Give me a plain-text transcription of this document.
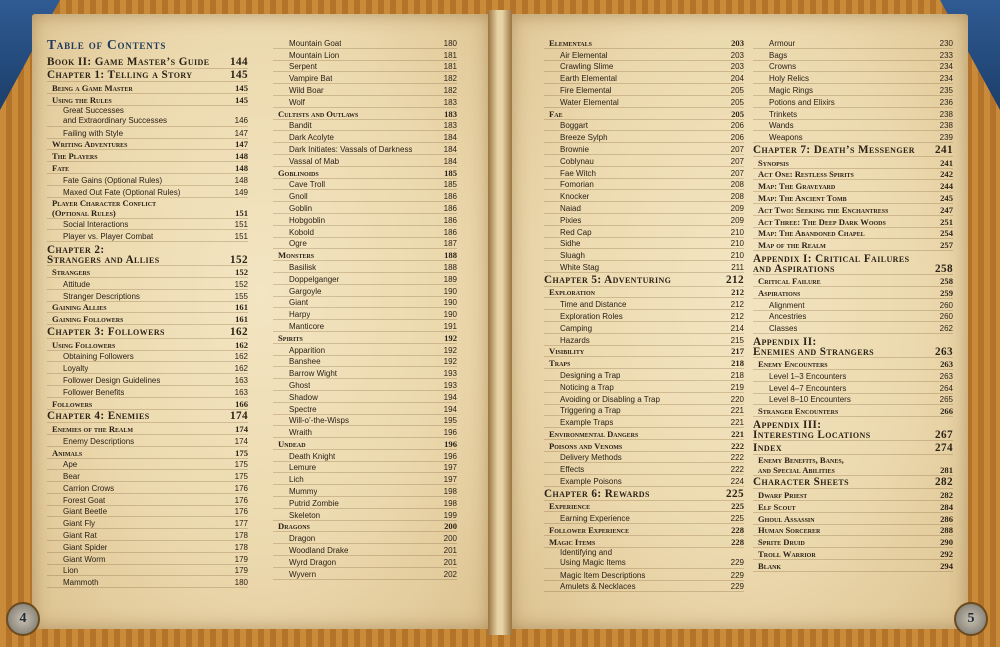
Table of Contents
Book II: Game Master’s Guide	144
Chapter 1: Telling a Story	145
Being a Game Master	145
Using the Rules	145
Great Successes
and Extraordinary Successes	146
Failing with Style	147
Writing Adventures	147
The Players	148
Fate	148
Fate Gains (Optional Rules)	148
Maxed Out Fate (Optional Rules)	149
Player Character Conflict
(Optional Rules)	151
Social Interactions	151
Player vs. Player Combat	151
Chapter 2:
Strangers and Allies	152
Strangers	152
Attitude	152
Stranger Descriptions	155
Gaining Allies	161
Gaining Followers	161
Chapter 3: Followers	162
Using Followers	162
Obtaining Followers	162
Loyalty	162
Follower Design Guidelines	163
Follower Benefits	163
Followers	166
Chapter 4: Enemies	174
Enemies of the Realm	174
Enemy Descriptions	174
Animals	175
Ape	175
Bear	175
Carrion Crows	176
Forest Goat	176
Giant Beetle	176
Giant Fly	177
Giant Rat	178
Giant Spider	178
Giant Worm	179
Lion	179
Mammoth	180
Mountain Goat	180
Mountain Lion	181
Serpent	181
Vampire Bat	182
Wild Boar	182
Wolf	183
Cultists and Outlaws	183
Bandit	183
Dark Acolyte	184
Dark Initiates: Vassals of Darkness	184
Vassal of Mab	184
Goblinoids	185
Cave Troll	185
Gnoll	186
Goblin	186
Hobgoblin	186
Kobold	186
Ogre	187
Monsters	188
Basilisk	188
Doppelganger	189
Gargoyle	190
Giant	190
Harpy	190
Manticore	191
Spirits	192
Apparition	192
Banshee	192
Barrow Wight	193
Ghost	193
Shadow	194
Spectre	194
Will-o’-the-Wisps	195
Wraith	196
Undead	196
Death Knight	196
Lemure	197
Lich	197
Mummy	198
Putrid Zombie	198
Skeleton	199
Dragons	200
Dragon	200
Woodland Drake	201
Wyrd Dragon	201
Wyvern	202
Elementals	203
Air Elemental	203
Crawling Slime	203
Earth Elemental	204
Fire Elemental	205
Water Elemental	205
Fae	205
Boggart	206
Breeze Sylph	206
Brownie	207
Coblynau	207
Fae Witch	207
Fomorian	208
Knocker	208
Naiad	209
Pixies	209
Red Cap	210
Sidhe	210
Sluagh	210
White Stag	211
Chapter 5: Adventuring	212
Exploration	212
Time and Distance	212
Exploration Roles	212
Camping	214
Hazards	215
Visibility	217
Traps	218
Designing a Trap	218
Noticing a Trap	219
Avoiding or Disabling a Trap	220
Triggering a Trap	221
Example Traps	221
Environmental Dangers	221
Poisons and Venoms	222
Delivery Methods	222
Effects	222
Example Poisons	224
Chapter 6: Rewards	225
Experience	225
Earning Experience	225
Follower Experience	228
Magic Items	228
Identifying and
Using Magic Items	229
Magic Item Descriptions	229
Amulets & Necklaces	229
Armour	230
Bags	233
Crowns	234
Holy Relics	234
Magic Rings	235
Potions and Elixirs	236
Trinkets	238
Wands	238
Weapons	239
Chapter 7: Death’s Messenger	241
Synopsis	241
Act One: Restless Spirits	242
Map: The Graveyard	244
Map: The Ancient Tomb	245
Act Two: Seeking the Enchantress	247
Act Three: The Deep Dark Woods	251
Map: The Abandoned Chapel	254
Map of the Realm	257
Appendix I: Critical Failures
and Aspirations	258
Critical Failure	258
Aspirations	259
Alignment	260
Ancestries	260
Classes	262
Appendix II:
Enemies and Strangers	263
Enemy Encounters	263
Level 1–3 Encounters	263
Level 4–7 Encounters	264
Level 8–10 Encounters	265
Stranger Encounters	266
Appendix III:
Interesting Locations	267
Index	274
Enemy Benefits, Banes,
and Special Abilities	281
Character Sheets	282
Dwarf Priest	282
Elf Scout	284
Ghoul Assassin	286
Human Sorcerer	288
Sprite Druid	290
Troll Warrior	292
Blank	294
4	5
